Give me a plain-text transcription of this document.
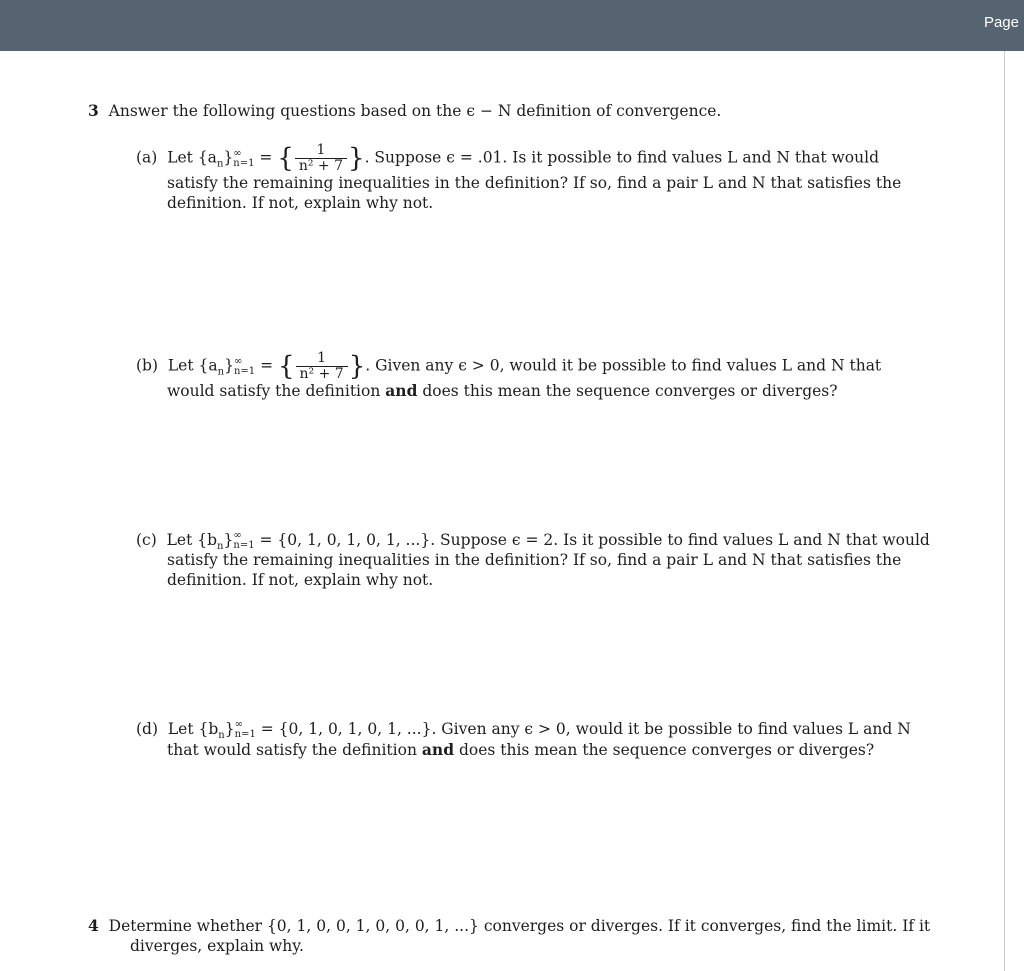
Page
3 Answer the following questions based on the ϵ − N definition of convergence.
(a) Let $\{a_n\}$ ∞
n=1 = { $\frac{1}{\text{n² + 7}}$ }. Suppose ϵ = .01. Is it possible to find values L and N that would
satisfy the remaining inequalities in the definition? If so, find a pair L and N that satisfies the
definition. If not, explain why not.
(b) Let $\{a_n\}$ ∞
n=1 = { $\frac{1}{\text{n² + 7}}$ }. Given any ϵ > 0, would it be possible to find values L and N that
would satisfy the definition and does this mean the sequence converges or diverges?
(c) Let $\{b_n\}$ ∞
n=1 = {0, 1, 0, 1, 0, 1, ...}. Suppose ϵ = 2. Is it possible to find values L and N that would
satisfy the remaining inequalities in the definition? If so, find a pair L and N that satisfies the
definition. If not, explain why not.
(d) Let $\{b_n\}$ ∞
n=1 = {0, 1, 0, 1, 0, 1, ...}. Given any ϵ > 0, would it be possible to find values L and N
that would satisfy the definition and does this mean the sequence converges or diverges?
4 Determine whether {0, 1, 0, 0, 1, 0, 0, 0, 1, ...} converges or diverges. If it converges, find the limit. If it
diverges, explain why.
